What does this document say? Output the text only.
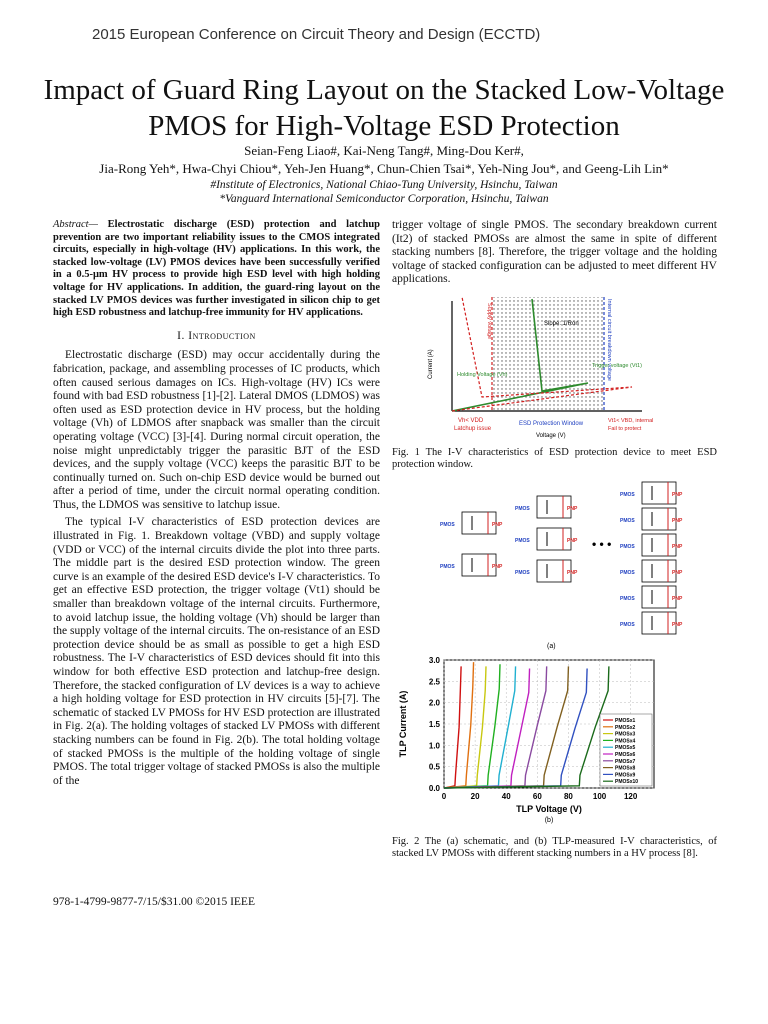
2015 European Conference on Circuit Theory and Design (ECCTD)
Impact of Guard Ring Layout on the Stacked Low-Voltage PMOS for High-Voltage ESD Protection
Seian-Feng Liao#, Kai-Neng Tang#, Ming-Dou Ker#,
Jia-Rong Yeh*, Hwa-Chyi Chiou*, Yeh-Jen Huang*, Chun-Chien Tsai*, Yeh-Ning Jou*, and Geeng-Lih Lin*
#Institute of Electronics, National Chiao-Tung University, Hsinchu, Taiwan
*Vanguard International Semiconductor Corporation, Hsinchu, Taiwan
Abstract— Electrostatic discharge (ESD) protection and latchup prevention are two important reliability issues to the CMOS integrated circuits, especially in high-voltage (HV) applications. In this work, the stacked low-voltage (LV) PMOS devices have been successfully verified in a 0.5-μm HV process to provide high ESD level with high holding voltage for HV applications. In addition, the guard-ring layout on the stacked LV PMOS devices was further investigated in silicon chip to get high ESD robustness and latchup-free immunity for HV applications.
I. Introduction

Electrostatic discharge (ESD) may occur accidentally during the fabrication, package, and assembling processes of IC products, which often caused serious damages on ICs. High-voltage (HV) ICs were found with bad ESD robustness [1]-[2]. Lateral DMOS (LDMOS) was often used as ESD protection device in HV process, but the holding voltage (Vh) of LDMOS after snapback was smaller than the circuit operating voltage (VCC) [3]-[4]. During normal circuit operation, the noise might unpredictably trigger the parasitic BJT of the ESD devices, and the supply voltage (VCC) keeps the parasitic BJT to be continually turned on. Such on-chip ESD device would be burned out after a period of time, under the circuit normal operating condition. Thus, the LDMOS was sensitive to latchup issue.

The typical I-V characteristics of ESD protection devices are illustrated in Fig. 1. Breakdown voltage (VBD) and supply voltage (VDD or VCC) of the internal circuits divide the plot into three parts. The middle part is the desired ESD protection window. The green curve is an example of the desired ESD device's I-V characteristics. To get an effective ESD protection, the trigger voltage (Vt1) should be smaller than breakdown voltage of the internal circuits. Furthermore, to avoid latchup issue, the holding voltage (Vh) should be larger than the supply voltage of the internal circuits. The on-resistance of an ESD protection device should be as small as possible to get a high ESD robustness. The I-V characteristics of ESD devices should fit into this window for both effective ESD protection and latchup-free design. Therefore, the stacked configuration of LV devices is a way to achieve a high holding voltage for ESD protection in HV circuits [5]-[7]. The schematic of stacked LV PMOSs for HV ESD protection are illustrated in Fig. 2(a). The holding voltages of stacked LV PMOSs with different stacking numbers can be found in Fig. 2(b). The total holding voltage of stacked PMOSs is the multiple of the holding voltage of single PMOS. The total trigger voltage of stacked PMOSs is also the multiple of the

trigger voltage of single PMOS. The secondary breakdown current (It2) of stacked PMOSs are almost the same in spite of different stacking numbers [8]. Therefore, the trigger voltage and the holding voltage of stacked configuration can be adjusted to meet different HV applications.

Current (A)
Supply voltage	Internal circuit breakdown voltage
Slope: 1/Ron
Trigger voltage (Vt1)
Holding Voltage (Vh)
ESD Protection Window
Vh< VDD
Latchup issue
Vt1< VBD, internal
Fail to protect
Voltage (V)
Fig. 1 The I-V characteristics of ESD protection device to meet ESD protection window.
PMOS	PNP
PMOS	PNP
PMOS	PNP
PMOS	PNP
PMOS	PNP
PMOS	PNP
PMOS	PNP
PMOS	PNP
PMOS	PNP
PMOS	PNP
PMOS	PNP
• • •
(a)
0.0
0.5
1.0
1.5
2.0
2.5
3.0
0	20	40	60	80 100 120
TLP Voltage (V)
TLP Current (A)	PMOSx1
PMOSx2
PMOSx3
PMOSx4
PMOSx5
PMOSx6
PMOSx7
PMOSx8
PMOSx9
PMOSx10
(b)
Fig. 2 The (a) schematic, and (b) TLP-measured I-V characteristics, of stacked LV PMOSs with different stacking numbers in a HV process [8].
978-1-4799-9877-7/15/$31.00 ©2015 IEEE
